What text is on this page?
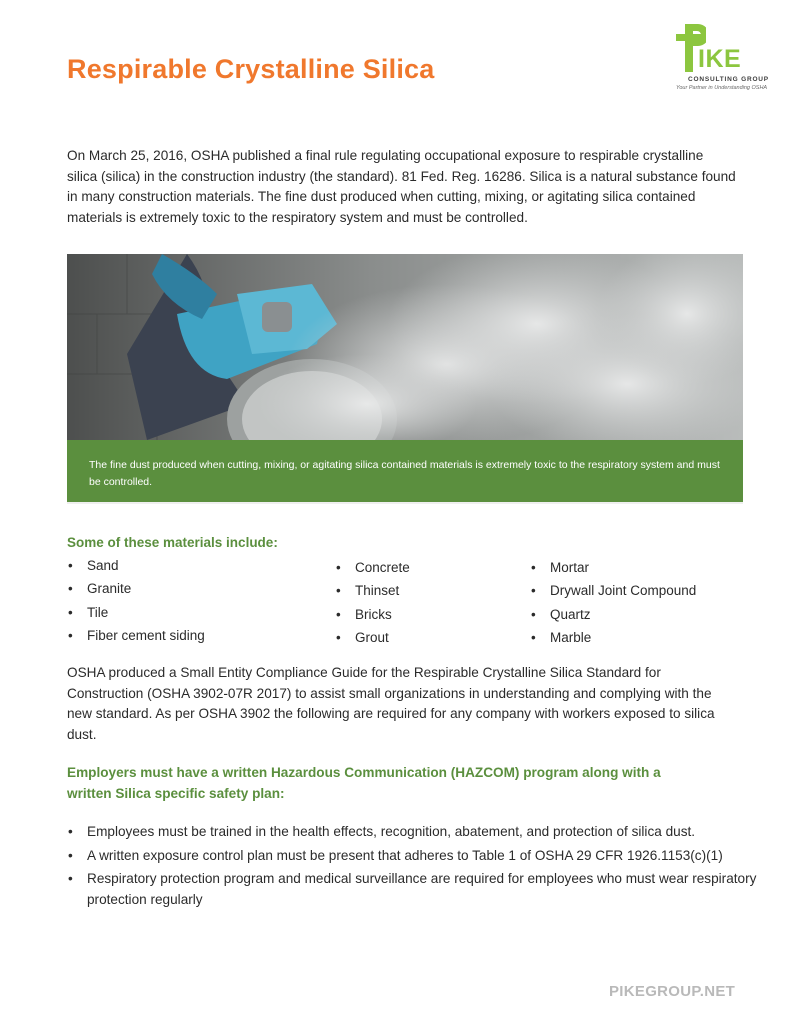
Respirable Crystalline Silica	IKE
CONSULTING GROUP
Your Partner in Understanding OSHA

On March 25, 2016, OSHA published a final rule regulating occupational exposure to respirable crystalline silica (silica) in the construction industry (the standard). 81 Fed. Reg. 16286. Silica is a natural substance found in many construction materials. The fine dust produced when cutting, mixing, or agitating silica contained materials is extremely toxic to the respiratory system and must be controlled.

The fine dust produced when cutting, mixing, or agitating silica contained materials is extremely toxic to the respiratory system and must be controlled.
Some of these materials include:
• Sand
• Granite
• Tile
• Fiber cement siding
• Concrete
• Thinset
• Bricks
• Grout
• Mortar
• Drywall Joint Compound
• Quartz
• Marble

OSHA produced a Small Entity Compliance Guide for the Respirable Crystalline Silica Standard for Construction (OSHA 3902-07R 2017) to assist small organizations in understanding and complying with the new standard. As per OSHA 3902 the following are required for any company with workers exposed to silica dust.

Employers must have a written Hazardous Communication (HAZCOM) program along with a written Silica specific safety plan:
• Employees must be trained in the health effects, recognition, abatement, and protection of silica dust.
• A written exposure control plan must be present that adheres to Table 1 of OSHA 29 CFR 1926.1153(c)(1)
• Respiratory protection program and medical surveillance are required for employees who must wear respiratory protection regularly

PIKEGROUP.NET
